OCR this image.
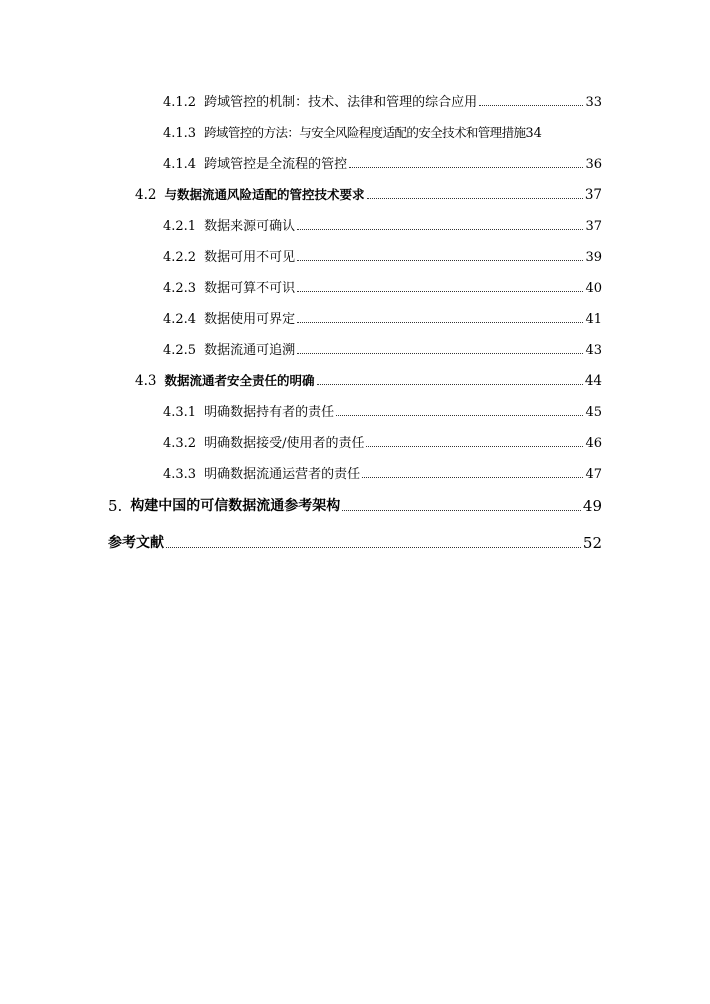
4.1.2 跨域管控的机制：技术、法律和管理的综合应用	33
4.1.3 跨域管控的方法：与安全风险程度适配的安全技术和管理措施 34
4.1.4 跨域管控是全流程的管控	36
4.2 与数据流通风险适配的管控技术要求	37
4.2.1 数据来源可确认	37
4.2.2 数据可用不可见	39
4.2.3 数据可算不可识	40
4.2.4 数据使用可界定	41
4.2.5 数据流通可追溯	43
4.3 数据流通者安全责任的明确	44
4.3.1 明确数据持有者的责任	45
4.3.2 明确数据接受/使用者的责任	46
4.3.3 明确数据流通运营者的责任	47
5. 构建中国的可信数据流通参考架构	49
参考文献	52
